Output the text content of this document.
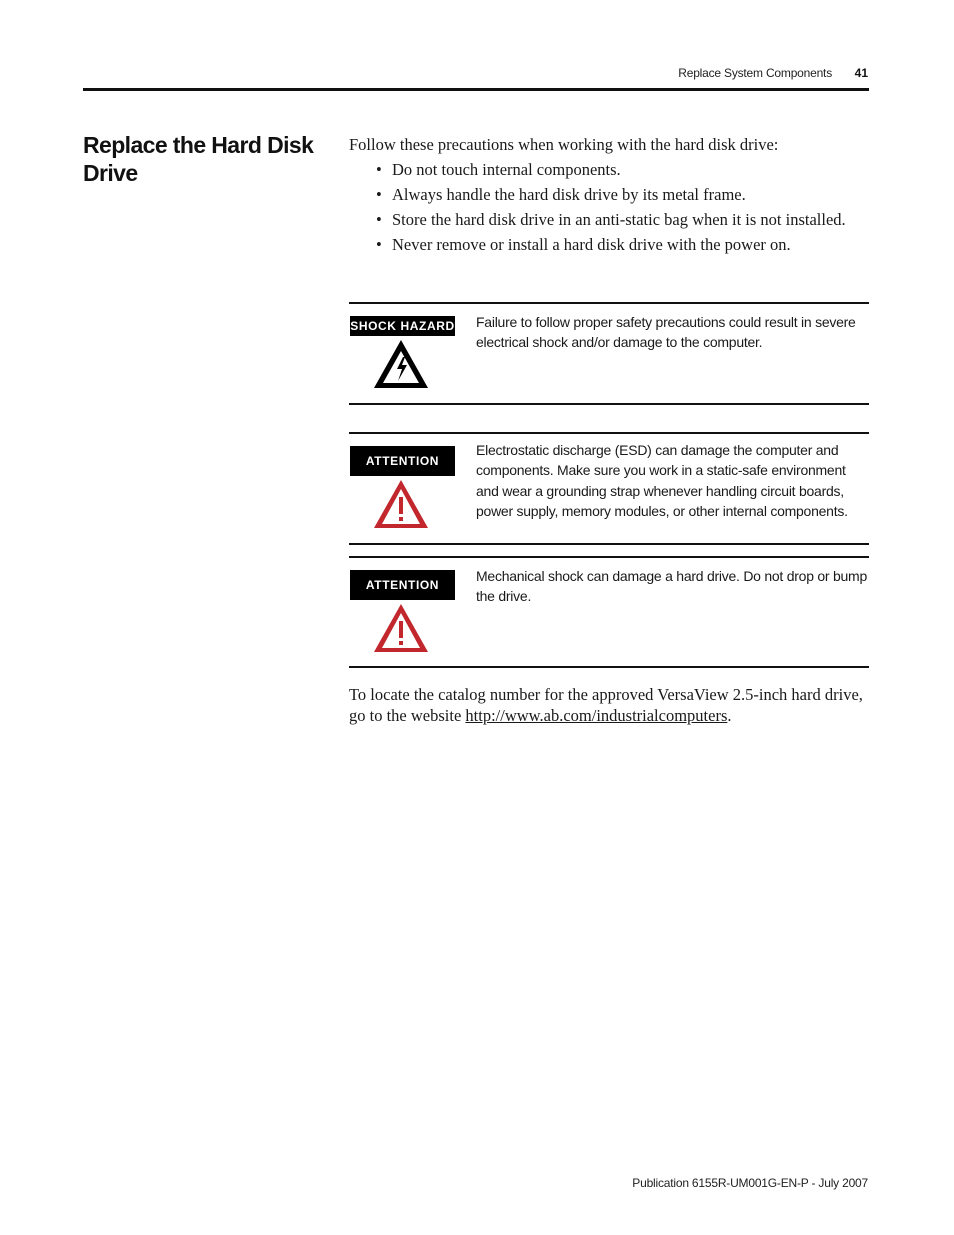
Replace System Components 41
Replace the Hard Disk Drive
Follow these precautions when working with the hard disk drive:
• Do not touch internal components.
• Always handle the hard disk drive by its metal frame.
• Store the hard disk drive in an anti-static bag when it is not installed.
• Never remove or install a hard disk drive with the power on.
SHOCK HAZARD Failure to follow proper safety precautions could result in severe electrical shock and/or damage to the computer.
ATTENTION
Electrostatic discharge (ESD) can damage the computer and components. Make sure you work in a static-safe environment and wear a grounding strap whenever handling circuit boards, power supply, memory modules, or other internal components.
ATTENTION
Mechanical shock can damage a hard drive. Do not drop or bump the drive.
To locate the catalog number for the approved VersaView 2.5-inch hard drive, go to the website http://www.ab.com/industrialcomputers.
Publication 6155R-UM001G-EN-P - July 2007
